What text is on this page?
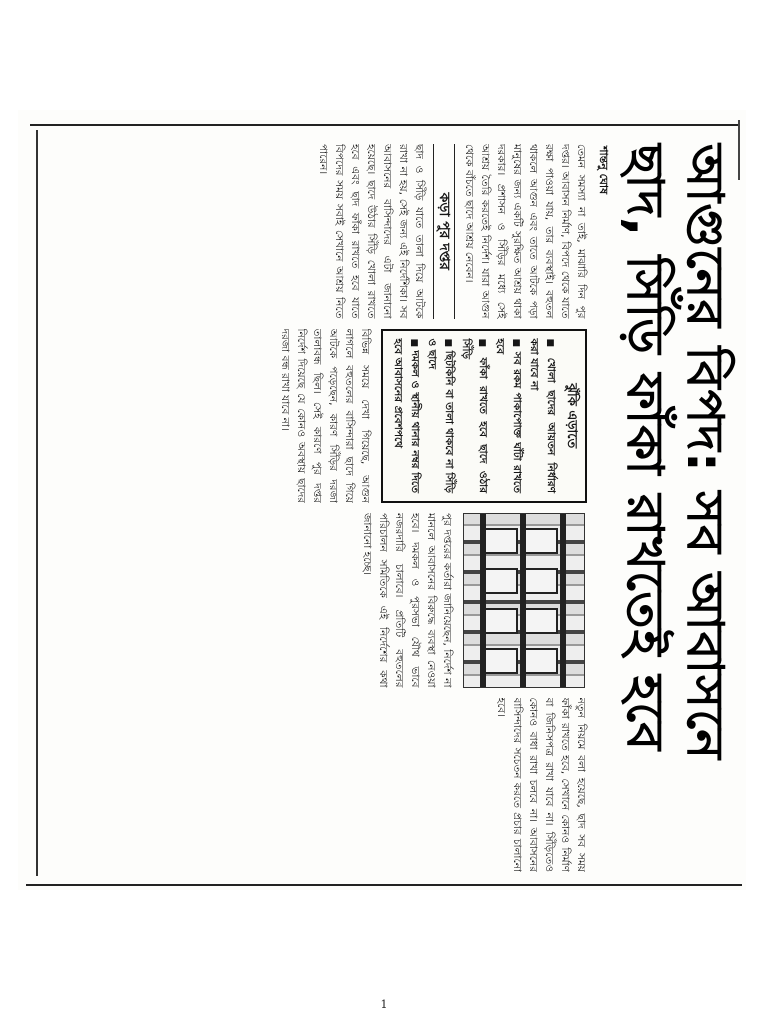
আগুনের বিপদ: সব আবাসনে
ছাদ, সিঁড়ি ফাঁকা রাখতেই হবে
শান্তনু ঘোষ
তেমন সমস্যা না তাই, মাঝারি দিন পুর দপ্তর। আবাসন নির্মাণ, বিপদে থেকে যাতে রক্ষা পাওয়া যায়, তার ব্যবস্থাই। বহুতল থাকলে আগুন এবং তাতে আটকে পড়া মানুষের জন্য একটি সুরক্ষিত আশ্রয় থাকা দরকার। প্রশাসন ও সিঁড়ির মধ্যে সেই আশ্রয় তৈরি করতেই নির্দেশ। যারা আগুন থেকে বাঁচতে ছাদে আশ্রয় নেবেন।
কড়া পুর দপ্তর
ছাদ ও সিঁড়ি যাতে তালা দিয়ে আটকে রাখা না হয়, সেই জন্য এই নির্দেশিকা। সব আবাসনের বাসিন্দাদের এটা জানানো হয়েছে। ছাদে উঠার সিঁড়ি খোলা রাখতে হবে এবং ছাদ ফাঁকা রাখতে হবে যাতে বিপদের সময় সবাই সেখানে আশ্রয় নিতে পারেন।
ঝুঁকি এড়াতে
■ খোলা ছাদের আয়তন নির্ধারণ করা যাবে না
■ সব রকম পাকাপোক্ত ঘাঁটা রাখতে হবে
■ ফাঁকা রাখতে হবে ছাদে ওঠার সিঁড়ি
■ ছিটকিনি বা তালা থাকবে না সিঁড়ি ও ছাদে
■ দমকল ও স্থানীয় থানার নম্বর দিতে হবে আবাসনের প্রবেশপথে
বিভিন্ন সময়ে দেখা গিয়েছে, আগুন লাগলে বহুতলের বাসিন্দারা ছাদে গিয়ে আটকে পড়েছেন, কারণ সিঁড়ির দরজা তালাবন্ধ ছিল। সেই কারণে পুর দপ্তর নির্দেশ দিয়েছে যে কোনও অবস্থায় ছাদের দরজা বন্ধ রাখা যাবে না।
পুর দপ্তরের কর্তারা জানিয়েছেন, নির্দেশ না মানলে আবাসনের বিরুদ্ধে ব্যবস্থা নেওয়া হবে। দমকল ও পুরসভা যৌথ ভাবে নজরদারি চালাবে। প্রতিটি বহুতলের পরিচালন সমিতিকে এই নির্দেশের কথা জানানো হচ্ছে।
নতুন নিয়মে বলা হয়েছে, ছাদ সব সময় ফাঁকা রাখতে হবে, সেখানে কোনও নির্মাণ বা জিনিসপত্র রাখা যাবে না। সিঁড়িতেও কোনও বাধা রাখা চলবে না। আবাসনের বাসিন্দাদের সচেতন করতে প্রচার চালানো হবে।
1
